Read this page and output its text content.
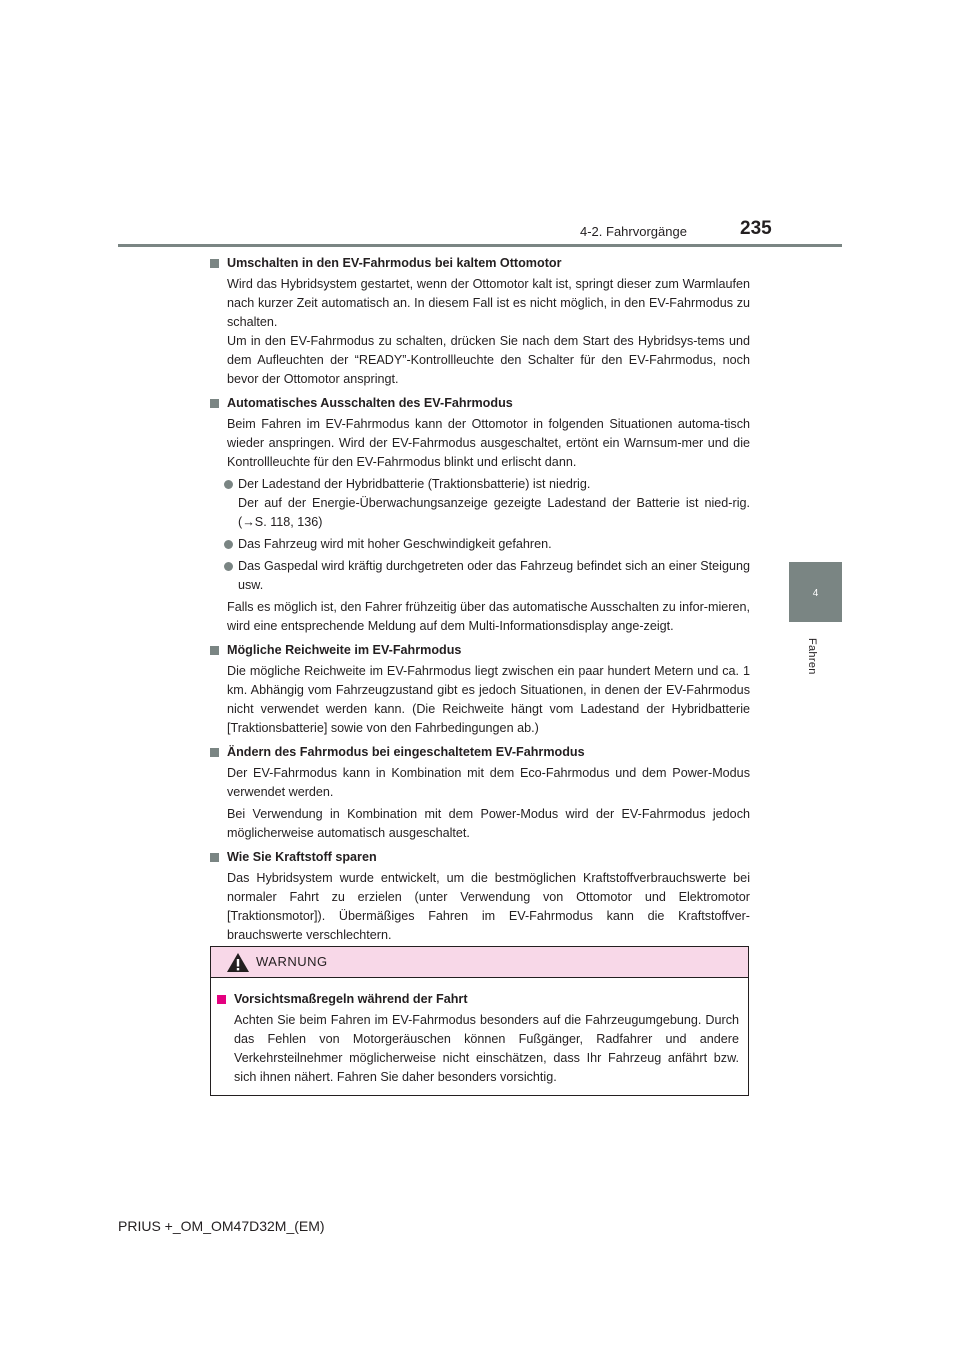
4-2. Fahrvorgänge	235
4
Fahren
Umschalten in den EV-Fahrmodus bei kaltem Ottomotor
Wird das Hybridsystem gestartet, wenn der Ottomotor kalt ist, springt dieser zum Warmlaufen nach kurzer Zeit automatisch an. In diesem Fall ist es nicht möglich, in den EV-Fahrmodus zu schalten.
Um in den EV-Fahrmodus zu schalten, drücken Sie nach dem Start des Hybridsys-tems und dem Aufleuchten der “READY”-Kontrollleuchte den Schalter für den EV-Fahrmodus, noch bevor der Ottomotor anspringt.
Automatisches Ausschalten des EV-Fahrmodus
Beim Fahren im EV-Fahrmodus kann der Ottomotor in folgenden Situationen automa-tisch wieder anspringen. Wird der EV-Fahrmodus ausgeschaltet, ertönt ein Warnsum-mer und die Kontrollleuchte für den EV-Fahrmodus blinkt und erlischt dann.
Der Ladestand der Hybridbatterie (Traktionsbatterie) ist niedrig.
Der auf der Energie-Überwachungsanzeige gezeigte Ladestand der Batterie ist nied-rig. (→S. 118, 136)
Das Fahrzeug wird mit hoher Geschwindigkeit gefahren.
Das Gaspedal wird kräftig durchgetreten oder das Fahrzeug befindet sich an einer Steigung usw.
Falls es möglich ist, den Fahrer frühzeitig über das automatische Ausschalten zu infor-mieren, wird eine entsprechende Meldung auf dem Multi-Informationsdisplay ange-zeigt.
Mögliche Reichweite im EV-Fahrmodus
Die mögliche Reichweite im EV-Fahrmodus liegt zwischen ein paar hundert Metern und ca. 1 km. Abhängig vom Fahrzeugzustand gibt es jedoch Situationen, in denen der EV-Fahrmodus nicht verwendet werden kann. (Die Reichweite hängt vom Ladestand der Hybridbatterie [Traktionsbatterie] sowie von den Fahrbedingungen ab.)
Ändern des Fahrmodus bei eingeschaltetem EV-Fahrmodus
Der EV-Fahrmodus kann in Kombination mit dem Eco-Fahrmodus und dem Power-Modus verwendet werden.
Bei Verwendung in Kombination mit dem Power-Modus wird der EV-Fahrmodus jedoch möglicherweise automatisch ausgeschaltet.
Wie Sie Kraftstoff sparen
Das Hybridsystem wurde entwickelt, um die bestmöglichen Kraftstoffverbrauchswerte bei normaler Fahrt zu erzielen (unter Verwendung von Ottomotor und Elektromotor [Traktionsmotor]). Übermäßiges Fahren im EV-Fahrmodus kann die Kraftstoffver-brauchswerte verschlechtern.
WARNUNG
Vorsichtsmaßregeln während der Fahrt
Achten Sie beim Fahren im EV-Fahrmodus besonders auf die Fahrzeugumgebung. Durch das Fehlen von Motorgeräuschen können Fußgänger, Radfahrer und andere Verkehrsteilnehmer möglicherweise nicht einschätzen, dass Ihr Fahrzeug anfährt bzw. sich ihnen nähert. Fahren Sie daher besonders vorsichtig.
PRIUS +_OM_OM47D32M_(EM)
